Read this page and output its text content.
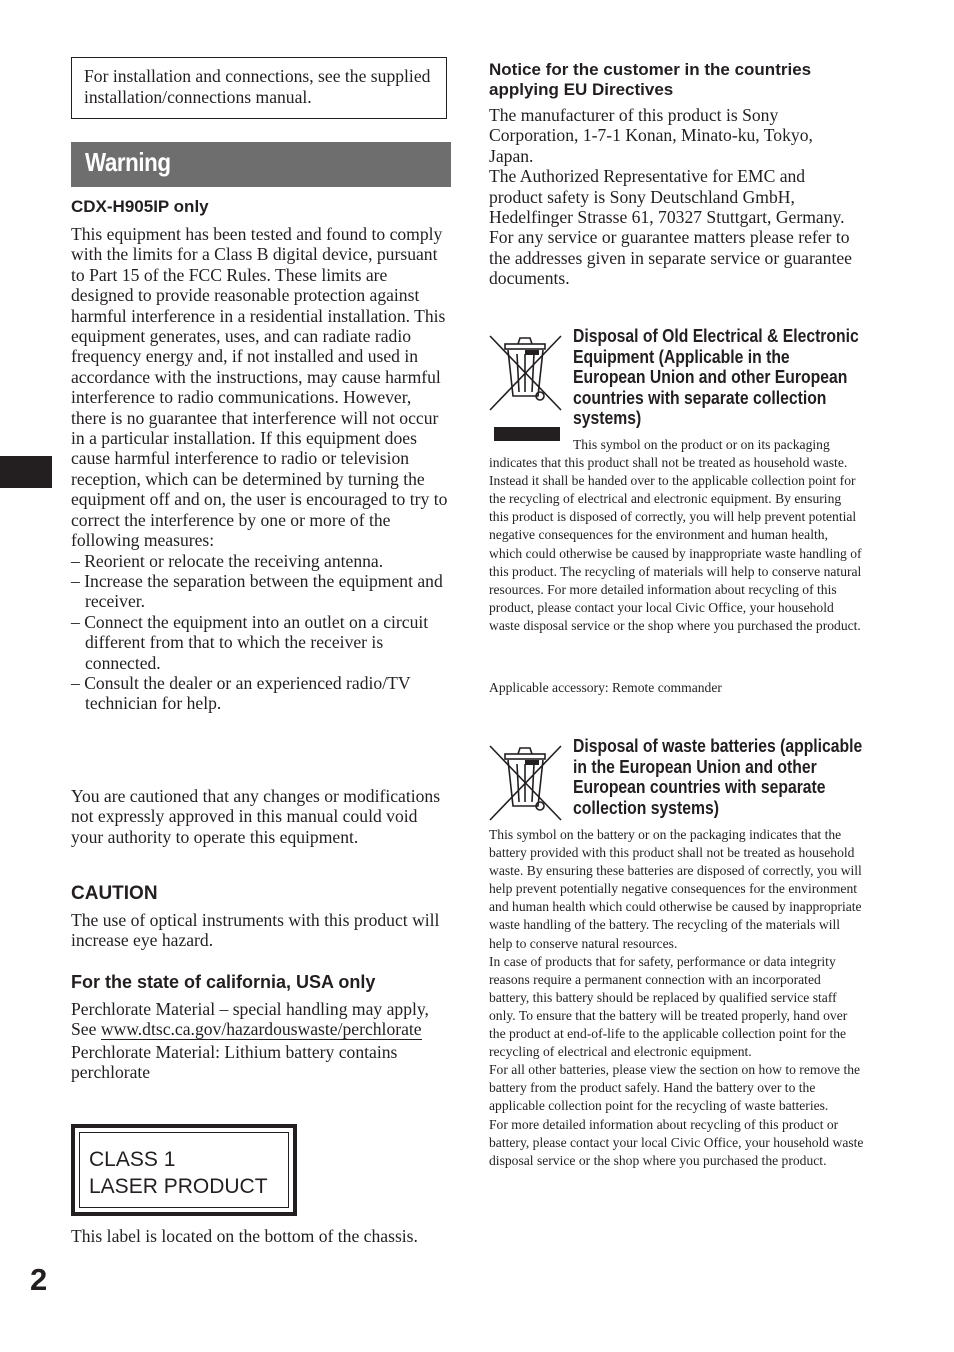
For installation and connections, see the supplied installation/connections manual.

Warning
CDX-H905IP only

This equipment has been tested and found to comply with the limits for a Class B digital device, pursuant to Part 15 of the FCC Rules. These limits are designed to provide reasonable protection against harmful interference in a residential installation. This equipment generates, uses, and can radiate radio frequency energy and, if not installed and used in accordance with the instructions, may cause harmful interference to radio communications. However, there is no guarantee that interference will not occur in a particular installation. If this equipment does cause harmful interference to radio or television reception, which can be determined by turning the equipment off and on, the user is encouraged to try to correct the interference by one or more of the following measures:

– Reorient or relocate the receiving antenna.
– Increase the separation between the equipment and receiver.
– Connect the equipment into an outlet on a circuit different from that to which the receiver is connected.
– Consult the dealer or an experienced radio/TV technician for help.

You are cautioned that any changes or modifications not expressly approved in this manual could void your authority to operate this equipment.

CAUTION

The use of optical instruments with this product will increase eye hazard.

For the state of california, USA only

Perchlorate Material – special handling may apply,

See www.dtsc.ca.gov/hazardouswaste/perchlorate

Perchlorate Material: Lithium battery contains perchlorate

CLASS 1
LASER PRODUCT

This label is located on the bottom of the chassis.

2
Notice for the customer in the countries applying EU Directives

The manufacturer of this product is Sony Corporation, 1-7-1 Konan, Minato-ku, Tokyo, Japan.

The Authorized Representative for EMC and product safety is Sony Deutschland GmbH, Hedelfinger Strasse 61, 70327 Stuttgart, Germany. For any service or guarantee matters please refer to the addresses given in separate service or guarantee documents.

Disposal of Old Electrical & Electronic Equipment (Applicable in the European Union and other European countries with separate collection systems)
This symbol on the product or on its packaging indicates that this product shall not be treated as household waste. Instead it shall be handed over to the applicable collection point for the recycling of electrical and electronic equipment. By ensuring this product is disposed of correctly, you will help prevent potential negative consequences for the environment and human health, which could otherwise be caused by inappropriate waste handling of this product. The recycling of materials will help to conserve natural resources. For more detailed information about recycling of this product, please contact your local Civic Office, your household waste disposal service or the shop where you purchased the product.
Applicable accessory: Remote commander
Disposal of waste batteries (applicable in the European Union and other European countries with separate collection systems)
This symbol on the battery or on the packaging indicates that the battery provided with this product shall not be treated as household waste. By ensuring these batteries are disposed of correctly, you will help prevent potentially negative consequences for the environment and human health which could otherwise be caused by inappropriate waste handling of the battery. The recycling of the materials will help to conserve natural resources.
In case of products that for safety, performance or data integrity reasons require a permanent connection with an incorporated battery, this battery should be replaced by qualified service staff only. To ensure that the battery will be treated properly, hand over the product at end-of-life to the applicable collection point for the recycling of electrical and electronic equipment.
For all other batteries, please view the section on how to remove the battery from the product safely. Hand the battery over to the applicable collection point for the recycling of waste batteries.
For more detailed information about recycling of this product or battery, please contact your local Civic Office, your household waste disposal service or the shop where you purchased the product.
